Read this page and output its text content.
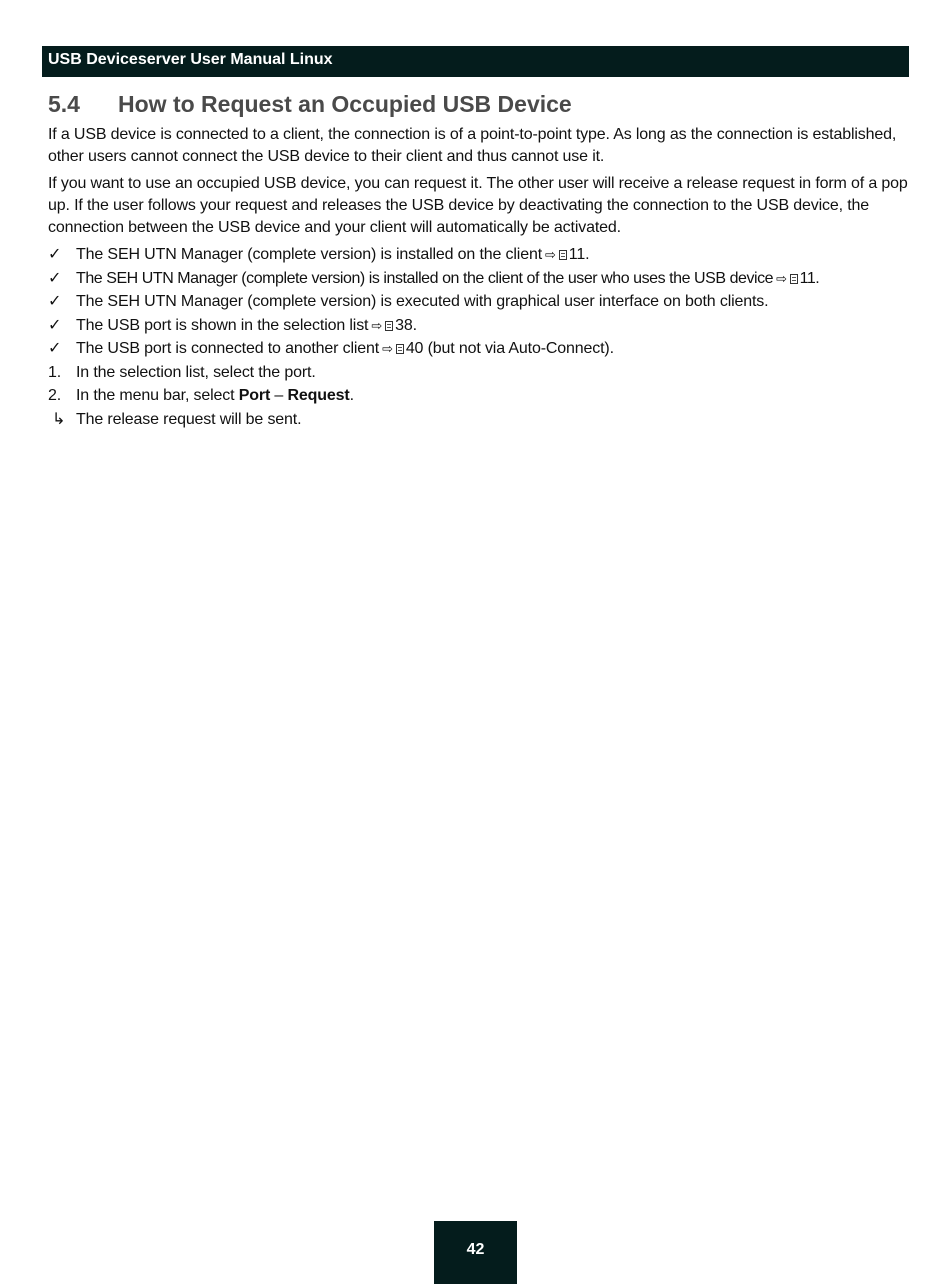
USB Deviceserver User Manual Linux
5.4	How to Request an Occupied USB Device

If a USB device is connected to a client, the connection is of a point-to-point type. As long as the connection is established, other users cannot connect the USB device to their client and thus cannot use it.

If you want to use an occupied USB device, you can request it. The other user will receive a release request in form of a pop up. If the user follows your request and releases the USB device by deactivating the connection to the USB device, the connection between the USB device and your client will automatically be activated.

✓ The SEH UTN Manager (complete version) is installed on the client ⇨ 11.
✓ The SEH UTN Manager (complete version) is installed on the client of the user who uses the USB device ⇨ 11.
✓ The SEH UTN Manager (complete version) is executed with graphical user interface on both clients.
✓ The USB port is shown in the selection list ⇨ 38.
✓ The USB port is connected to another client ⇨ 40 (but not via Auto-Connect).
1. In the selection list, select the port.
2. In the menu bar, select Port – Request.
↳ The release request will be sent.
42
